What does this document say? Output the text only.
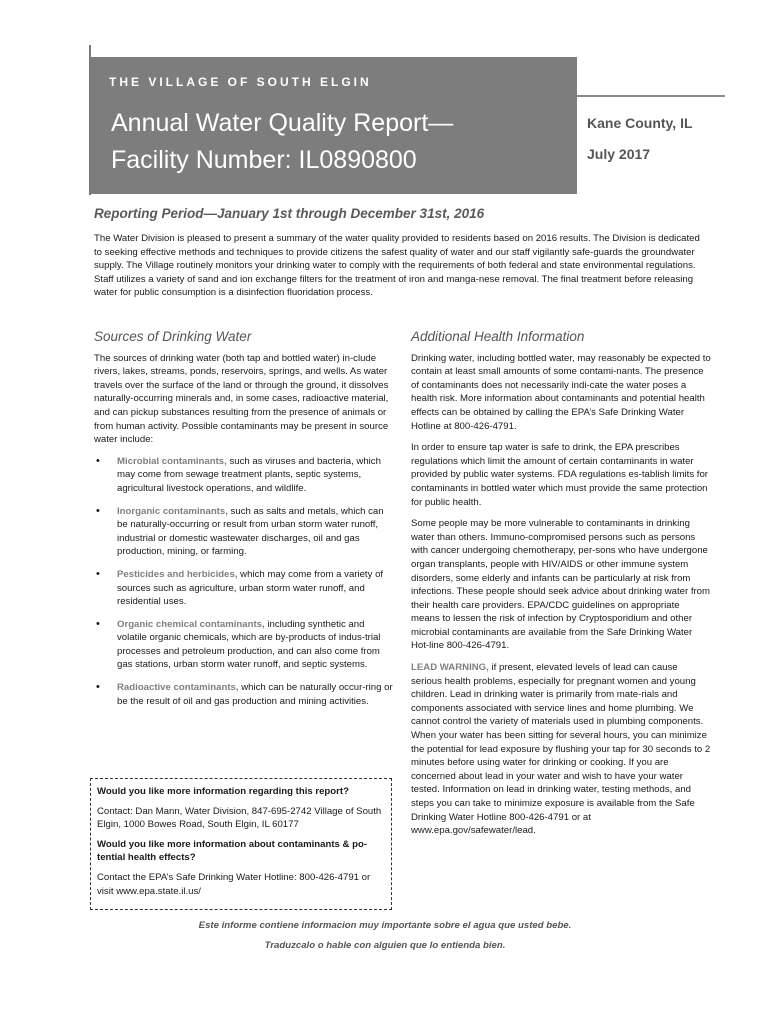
THE VILLAGE OF SOUTH ELGIN
Annual Water Quality Report—
Facility Number: IL0890800
Kane County, IL
July 2017
Reporting Period—January 1st through December 31st, 2016

The Water Division is pleased to present a summary of the water quality provided to residents based on 2016 results. The Division is dedicated to seeking effective methods and techniques to provide citizens the safest quality of water and our staff vigilantly safe-guards the groundwater supply. The Village routinely monitors your drinking water to comply with the requirements of both federal and state environmental regulations. Staff utilizes a variety of sand and ion exchange filters for the treatment of iron and manga-nese removal. The final treatment before releasing water for public consumption is a disinfection fluoridation process.

Sources of Drinking Water

The sources of drinking water (both tap and bottled water) in-clude rivers, lakes, streams, ponds, reservoirs, springs, and wells. As water travels over the surface of the land or through the ground, it dissolves naturally-occurring minerals and, in some cases, radioactive material, and can pickup substances resulting from the presence of animals or from human activity. Possible contaminants may be present in source water include:

• Microbial contaminants, such as viruses and bacteria, which may come from sewage treatment plants, septic systems, agricultural livestock operations, and wildlife.
• Inorganic contaminants, such as salts and metals, which can be naturally-occurring or result from urban storm water runoff, industrial or domestic wastewater discharges, oil and gas production, mining, or farming.
• Pesticides and herbicides, which may come from a variety of sources such as agriculture, urban storm water runoff, and residential uses.
• Organic chemical contaminants, including synthetic and volatile organic chemicals, which are by-products of indus-trial processes and petroleum production, and can also come from gas stations, urban storm water runoff, and septic systems.
• Radioactive contaminants, which can be naturally occur-ring or be the result of oil and gas production and mining activities.

Would you like more information regarding this report?

Contact: Dan Mann, Water Division, 847-695-2742 Village of South Elgin, 1000 Bowes Road, South Elgin, IL 60177

Would you like more information about contaminants & po-tential health effects?

Contact the EPA’s Safe Drinking Water Hotline: 800-426-4791 or visit www.epa.state.il.us/

Additional Health Information

Drinking water, including bottled water, may reasonably be expected to contain at least small amounts of some contami-nants. The presence of contaminants does not necessarily indi-cate the water poses a health risk. More information about contaminants and potential health effects can be obtained by calling the EPA’s Safe Drinking Water Hotline at 800-426-4791.

In order to ensure tap water is safe to drink, the EPA prescribes regulations which limit the amount of certain contaminants in water provided by public water systems. FDA regulations es-tablish limits for contaminants in bottled water which must provide the same protection for public health.

Some people may be more vulnerable to contaminants in drinking water than others. Immuno-compromised persons such as persons with cancer undergoing chemotherapy, per-sons who have undergone organ transplants, people with HIV/AIDS or other immune system disorders, some elderly and infants can be particularly at risk from infections. These people should seek advice about drinking water from their health care providers. EPA/CDC guidelines on appropriate means to lessen the risk of infection by Cryptosporidium and other microbial contaminants are available from the Safe Drinking Water Hot-line 800-426-4791.

LEAD WARNING, if present, elevated levels of lead can cause serious health problems, especially for pregnant women and young children. Lead in drinking water is primarily from mate-rials and components associated with service lines and home plumbing. We cannot control the variety of materials used in plumbing components. When your water has been sitting for several hours, you can minimize the potential for lead exposure by flushing your tap for 30 seconds to 2 minutes before using water for drinking or cooking. If you are concerned about lead in your water and wish to have your water tested. Information on lead in drinking water, testing methods, and steps you can take to minimize exposure is available from the Safe Drinking Water Hotline 800-426-4791 or at www.epa.gov/safewater/lead.

Este informe contiene informacion muy importante sobre el agua que usted bebe.
Traduzcalo o hable con alguien que lo entienda bien.
